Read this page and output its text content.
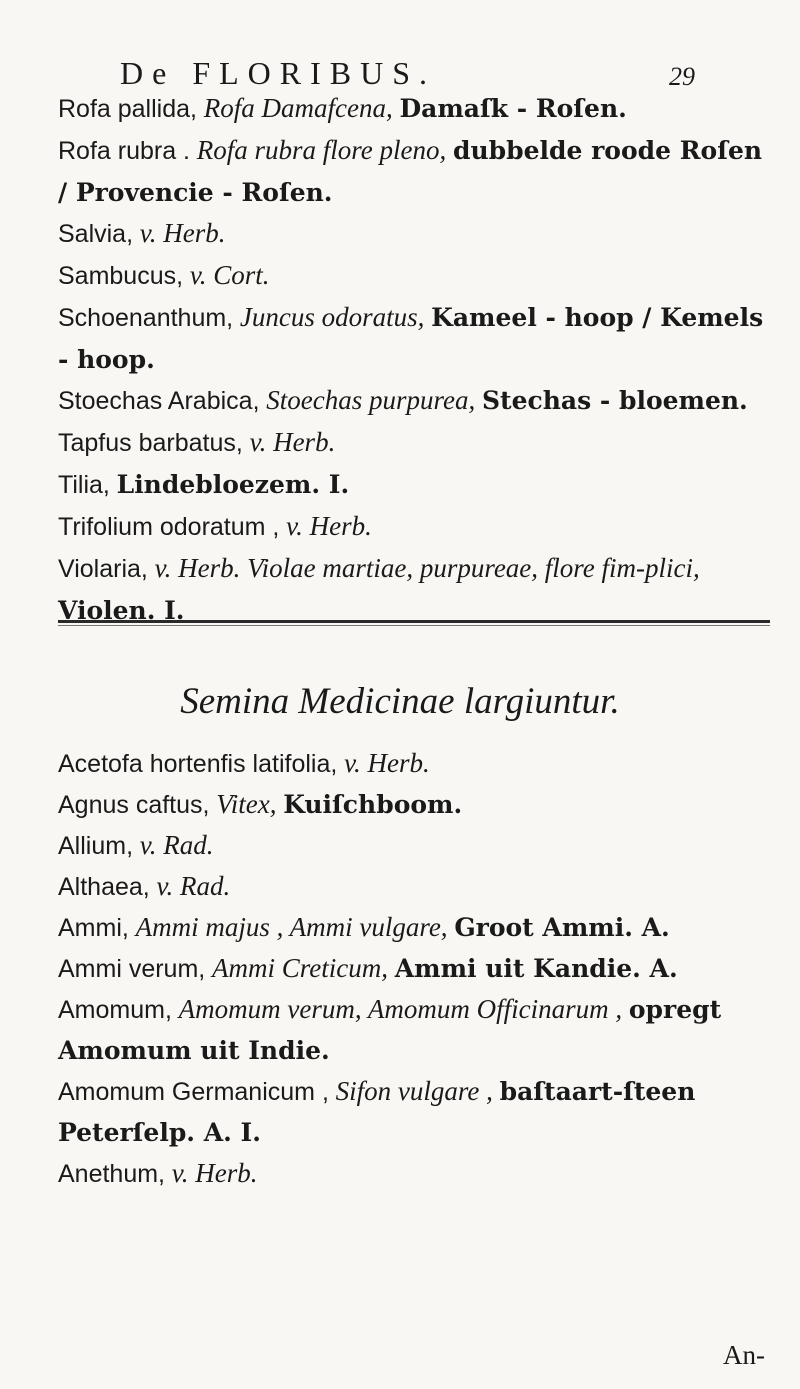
De FLORIBUS.	29

Rofa pallida, Rofa Damafcena, Damaſk - Roſen.

Rofa rubra . Rofa rubra flore pleno, dubbelde roode Roſen / Provencie - Roſen.

Salvia, v. Herb.

Sambucus, v. Cort.

Schoenanthum, Juncus odoratus, Kameel - hoop / Kemels - hoop.

Stoechas Arabica, Stoechas purpurea, Stechas - bloemen.

Tapfus barbatus, v. Herb.

Tilia, Lindebloezem. I.

Trifolium odoratum , v. Herb.

Violaria, v. Herb. Violae martiae, purpureae, flore fim-plici, Violen. I.

Semina Medicinae largiuntur.

Acetofa hortenfis latifolia, v. Herb.

Agnus caftus, Vitex, Kuiſchboom.

Allium, v. Rad.

Althaea, v. Rad.

Ammi, Ammi majus , Ammi vulgare, Groot Ammi. A.

Ammi verum, Ammi Creticum, Ammi uit Kandie. A.

Amomum, Amomum verum, Amomum Officinarum , opregt Amomum uit Indie.

Amomum Germanicum , Sifon vulgare , baſtaart-ſteen Peterſelp. A. I.

Anethum, v. Herb.

An-
